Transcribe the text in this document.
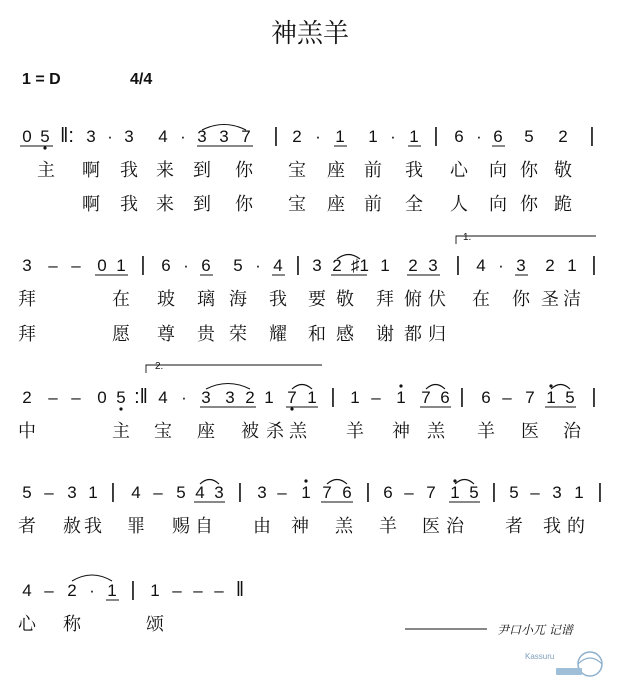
神羔羊
1 = D	4/4
0 5 ‖: 3 · 3 4 · 3 3 7 | 2 · 1 1 · 1 | 6 · 6 5 2 |
主 啊 我 来 到 你 宝 座 前 我 心 向 你 敬
啊 我 来 到 你 宝 座 前 全 人 向 你 跪
3 – – 0 1 | 6 · 6 5 · 4 | 3 2 ♯1 1 2 3 | 4 · 3 2 1 |
拜	在 玻 璃 海 我 要 敬 拜 俯 伏 在 你 圣 洁
拜	愿 尊 贵 荣 耀 和 感 谢 都 归
2 – – 0 5 :‖ 4 · 3 3 2 1 7 1 | 1 – 1 7 6 | 6 – 7 1 5 |
中	主 宝 座 被 杀 羔 羊 神 羔 羊 医 治
5 – 3 1 | 4 – 5 4 3 | 3 – 1 7 6 | 6 – 7 1 5 | 5 – 3 1 |
者 赦 我 罪 赐 自 由 神 羔 羊 医 治 者 我 的
4 – 2 · 1 | 1 – – – ‖
心 称	颂
1.
2.
尹口小兀 记谱
Kassuru
